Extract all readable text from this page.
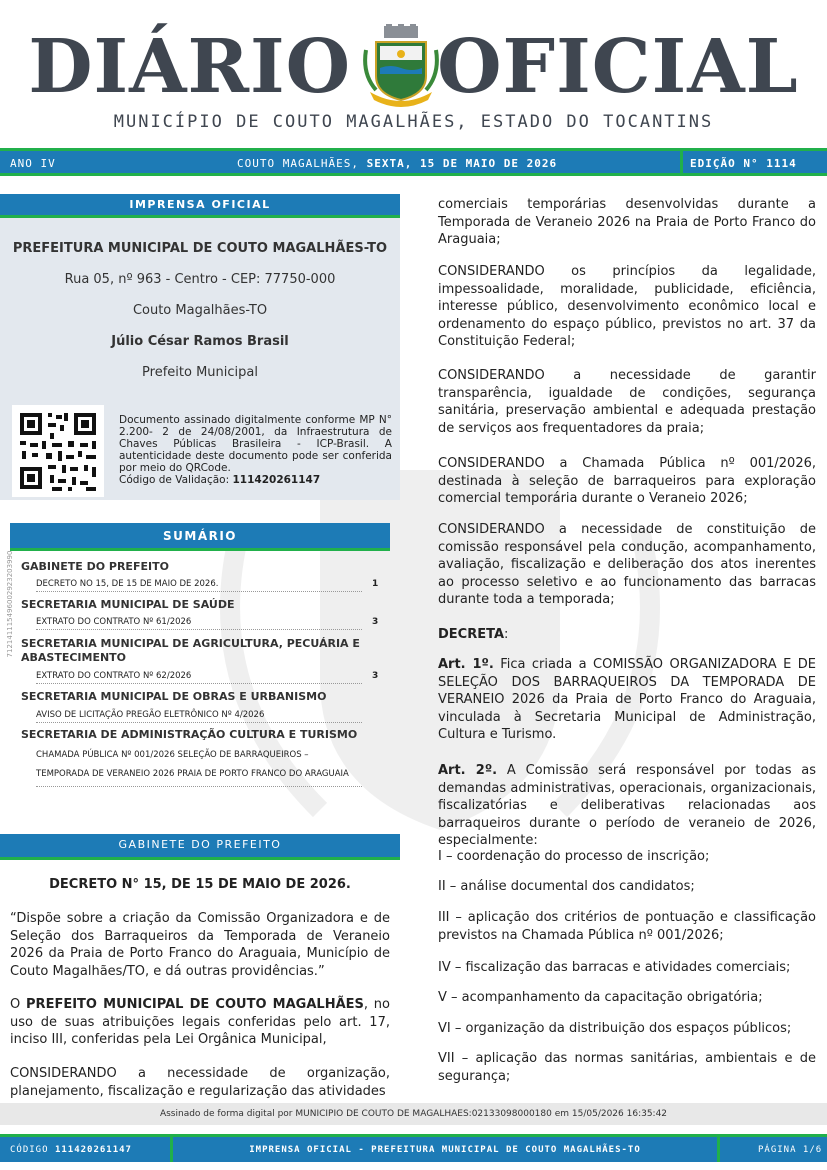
DIÁRIO OFICIAL
MUNICÍPIO DE COUTO MAGALHÃES, ESTADO DO TOCANTINS
ANO IV	COUTO MAGALHÃES, SEXTA, 15 DE MAIO DE 2026	EDIÇÃO N° 1114
712141115496002923203990
IMPRENSA OFICIAL
PREFEITURA MUNICIPAL DE COUTO MAGALHÃES-TO
Rua 05, nº 963 - Centro - CEP: 77750-000
Couto Magalhães-TO
Júlio César Ramos Brasil
Prefeito Municipal
Documento assinado digitalmente conforme MP N° 2.200- 2 de 24/08/2001, da Infraestrutura de Chaves Públicas Brasileira - ICP-Brasil. A autenticidade deste documento pode ser conferida por meio do QRCode.
Código de Validação: 111420261147
SUMÁRIO
GABINETE DO PREFEITO
DECRETO NO 15, DE 15 DE MAIO DE 2026.	1
SECRETARIA MUNICIPAL DE SAÚDE
EXTRATO DO CONTRATO Nº 61/2026	3
SECRETARIA MUNICIPAL DE AGRICULTURA, PECUÁRIA E ABASTECIMENTO
EXTRATO DO CONTRATO Nº 62/2026	3
SECRETARIA MUNICIPAL DE OBRAS E URBANISMO
AVISO DE LICITAÇÃO PREGÃO ELETRÔNICO Nº 4/2026
SECRETARIA DE ADMINISTRAÇÃO CULTURA E TURISMO
CHAMADA PÚBLICA Nº 001/2026 SELEÇÃO DE BARRAQUEIROS – TEMPORADA DE VERANEIO 2026 PRAIA DE PORTO FRANCO DO ARAGUAIA
GABINETE DO PREFEITO
DECRETO N° 15, DE 15 DE MAIO DE 2026.
“Dispõe sobre a criação da Comissão Organizadora e de Seleção dos Barraqueiros da Temporada de Veraneio 2026 da Praia de Porto Franco do Araguaia, Município de Couto Magalhães/TO, e dá outras providências.”
O PREFEITO MUNICIPAL DE COUTO MAGALHÃES, no uso de suas atribuições legais conferidas pelo art. 17, inciso III, conferidas pela Lei Orgânica Municipal,
CONSIDERANDO a necessidade de organização, planejamento, fiscalização e regularização das atividades
comerciais temporárias desenvolvidas durante a Temporada de Veraneio 2026 na Praia de Porto Franco do Araguaia;
CONSIDERANDO os princípios da legalidade, impessoalidade, moralidade, publicidade, eficiência, interesse público, desenvolvimento econômico local e ordenamento do espaço público, previstos no art. 37 da Constituição Federal;
CONSIDERANDO a necessidade de garantir transparência, igualdade de condições, segurança sanitária, preservação ambiental e adequada prestação de serviços aos frequentadores da praia;
CONSIDERANDO a Chamada Pública nº 001/2026, destinada à seleção de barraqueiros para exploração comercial temporária durante o Veraneio 2026;
CONSIDERANDO a necessidade de constituição de comissão responsável pela condução, acompanhamento, avaliação, fiscalização e deliberação dos atos inerentes ao processo seletivo e ao funcionamento das barracas durante toda a temporada;
DECRETA:
Art. 1º. Fica criada a COMISSÃO ORGANIZADORA E DE SELEÇÃO DOS BARRAQUEIROS DA TEMPORADA DE VERANEIO 2026 da Praia de Porto Franco do Araguaia, vinculada à Secretaria Municipal de Administração, Cultura e Turismo.
Art. 2º. A Comissão será responsável por todas as demandas administrativas, operacionais, organizacionais, fiscalizatórias e deliberativas relacionadas aos barraqueiros durante o período de veraneio de 2026, especialmente:
I – coordenação do processo de inscrição;
II – análise documental dos candidatos;
III – aplicação dos critérios de pontuação e classificação previstos na Chamada Pública nº 001/2026;
IV – fiscalização das barracas e atividades comerciais;
V – acompanhamento da capacitação obrigatória;
VI – organização da distribuição dos espaços públicos;
VII – aplicação das normas sanitárias, ambientais e de segurança;
Assinado de forma digital por MUNICIPIO DE COUTO DE MAGALHAES:02133098000180 em 15/05/2026 16:35:42
CÓDIGO 111420261147	IMPRENSA OFICIAL - PREFEITURA MUNICIPAL DE COUTO MAGALHÃES-TO	PÁGINA 1/6
